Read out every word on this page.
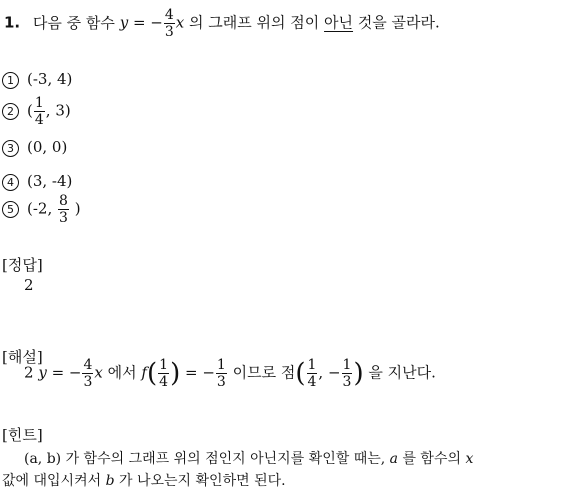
1. 다음 중 함수 y = − $\frac{4}{3}$ x 의 그래프 위의 점이 아닌 것을 골라라.
1 (-3, 4)
2 ( $\frac{1}{4}$ , 3)
3 (0, 0)
4 (3, -4)
5 (-2, $\frac{8}{3}$ )
[정답]
2
[해설]
2 y = − $\frac{4}{3}$ x 에서 $f( \frac{1}{4}$ ) = − $\frac{1}{3}$ 이므로 점( $\frac{1}{4}$ , − $\frac{1}{3}$ ) 을 지난다.
[힌트]
(a, b) 가 함수의 그래프 위의 점인지 아닌지를 확인할 때는, a 를 함수의 x
값에 대입시켜서 b 가 나오는지 확인하면 된다.
